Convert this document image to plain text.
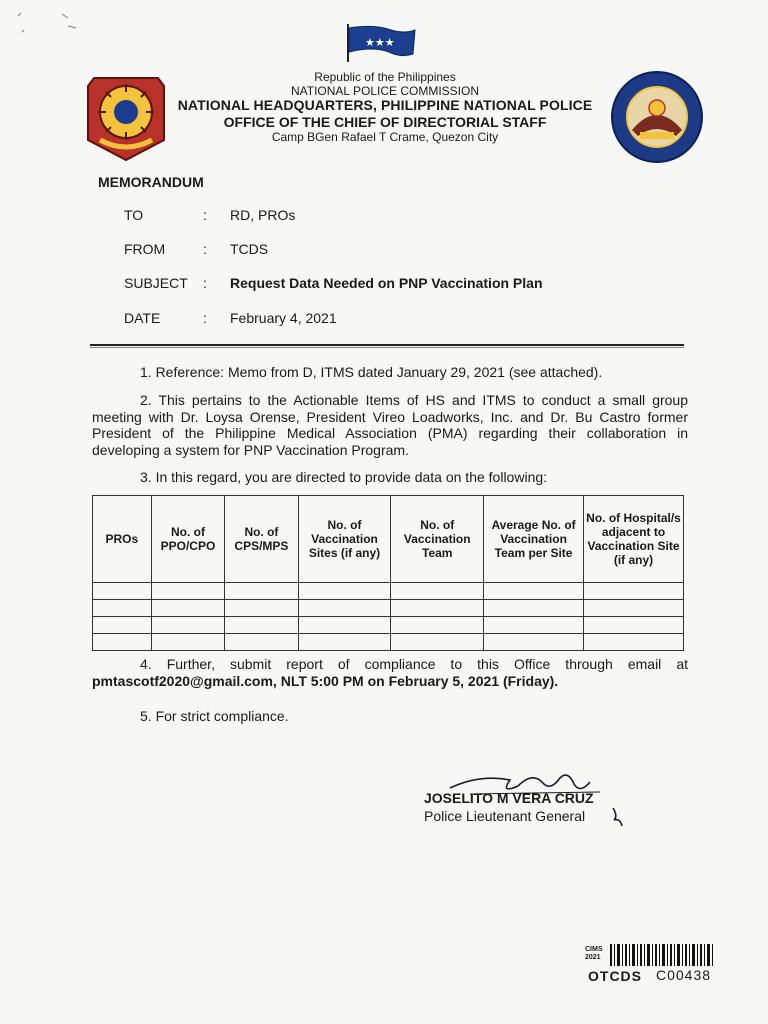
★★★
Republic of the Philippines
NATIONAL POLICE COMMISSION
NATIONAL HEADQUARTERS, PHILIPPINE NATIONAL POLICE
OFFICE OF THE CHIEF OF DIRECTORIAL STAFF
Camp BGen Rafael T Crame, Quezon City
MEMORANDUM
TO	: RD, PROs
FROM	: TCDS
SUBJECT : Request Data Needed on PNP Vaccination Plan
DATE	: February 4, 2021
1. Reference: Memo from D, ITMS dated January 29, 2021 (see attached).
2. This pertains to the Actionable Items of HS and ITMS to conduct a small group meeting with Dr. Loysa Orense, President Vireo Loadworks, Inc. and Dr. Bu Castro former President of the Philippine Medical Association (PMA) regarding their collaboration in developing a system for PNP Vaccination Program.
3. In this regard, you are directed to provide data on the following:
PROs	No. of PPO/CPO	No. of CPS/MPS	No. of Vaccination Sites (if any)	No. of Vaccination Team	Average No. of Vaccination Team per Site	No. of Hospital/s adjacent to Vaccination Site (if any)

4. Further, submit report of compliance to this Office through email at pmtascotf2020@gmail.com, NLT 5:00 PM on February 5, 2021 (Friday).
5. For strict compliance.
JOSELITO M VERA CRUZ
Police Lieutenant General
CIMS
2021
OTCDS C00438
